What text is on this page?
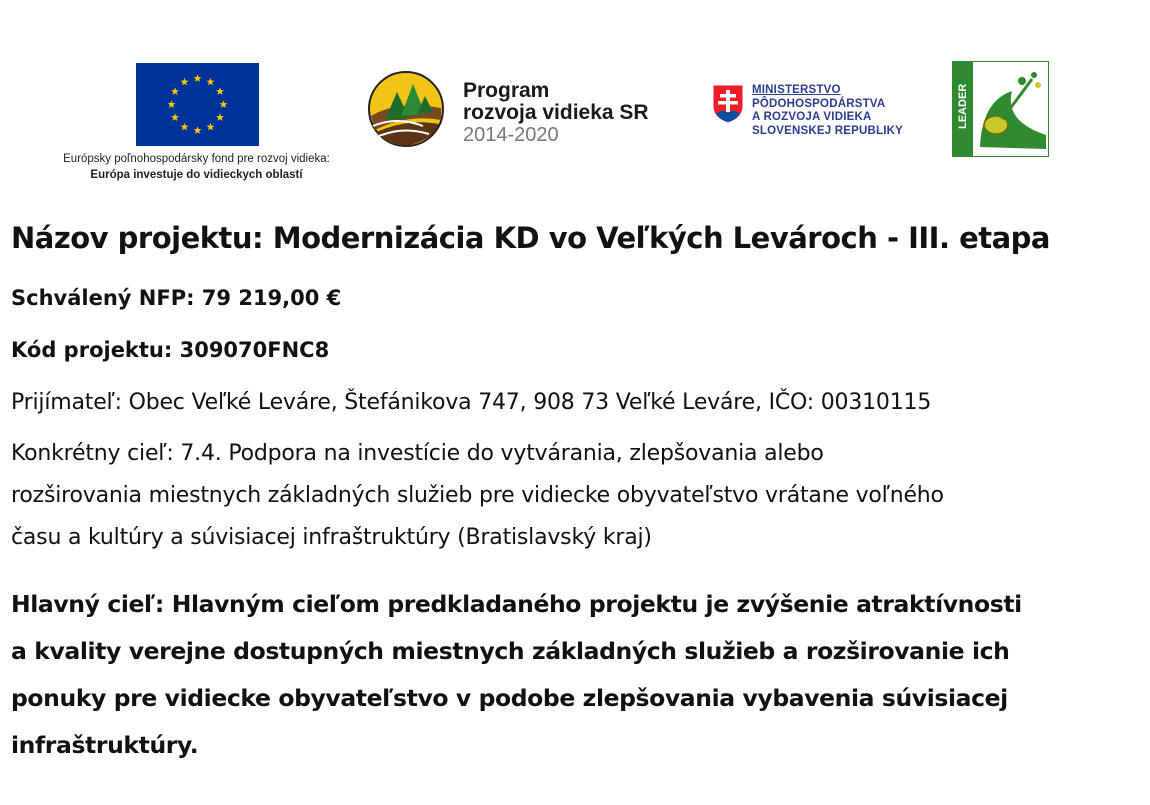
Európsky poľnohospodársky fond pre rozvoj vidieka:
Európa investuje do vidieckych oblastí
Program
rozvoja vidieka SR
2014-2020
MINISTERSTVO
PÔDOHOSPODÁRSTVA
A ROZVOJA VIDIEKA
SLOVENSKEJ REPUBLIKY
LEADER
Názov projektu: Modernizácia KD vo Veľkých Levároch - III. etapa
Schválený NFP: 79 219,00 €
Kód projektu: 309070FNC8
Prijímateľ: Obec Veľké Leváre, Štefánikova 747, 908 73 Veľké Leváre, IČO: 00310115
Konkrétny cieľ: 7.4. Podpora na investície do vytvárania, zlepšovania alebo
rozširovania miestnych základných služieb pre vidiecke obyvateľstvo vrátane voľného
času a kultúry a súvisiacej infraštruktúry (Bratislavský kraj)
Hlavný cieľ: Hlavným cieľom predkladaného projektu je zvýšenie atraktívnosti
a kvality verejne dostupných miestnych základných služieb a rozširovanie ich
ponuky pre vidiecke obyvateľstvo v podobe zlepšovania vybavenia súvisiacej
infraštruktúry.
